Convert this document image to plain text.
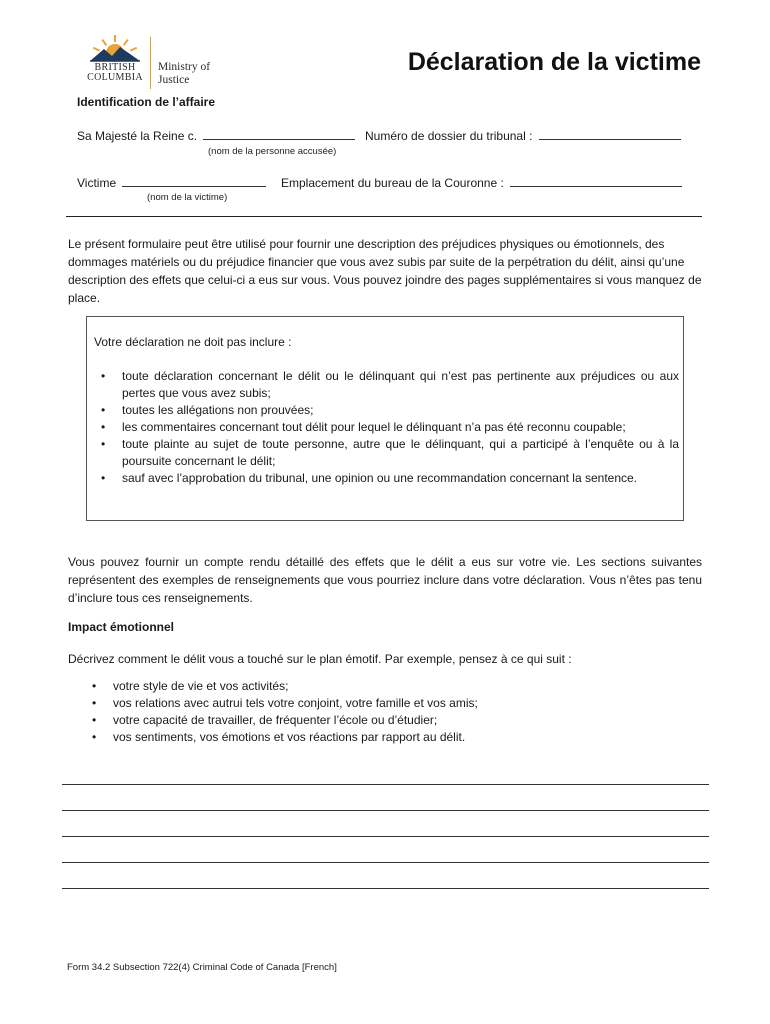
BRITISH
COLUMBIA
Ministry of
Justice
Déclaration de la victime
Identification de l’affaire
Sa Majesté la Reine c.
(nom de la personne accusée)
Numéro de dossier du tribunal :
Victime
(nom de la victime)
Emplacement du bureau de la Couronne :
Le présent formulaire peut être utilisé pour fournir une description des préjudices physiques ou émotionnels, des dommages matériels ou du préjudice financier que vous avez subis par suite de la perpétration du délit, ainsi qu’une description des effets que celui-ci a eus sur vous. Vous pouvez joindre des pages supplémentaires si vous manquez de place.
Votre déclaration ne doit pas inclure :
• toute déclaration concernant le délit ou le délinquant qui n’est pas pertinente aux préjudices ou aux pertes que vous avez subis;
• toutes les allégations non prouvées;
• les commentaires concernant tout délit pour lequel le délinquant n’a pas été reconnu coupable;
• toute plainte au sujet de toute personne, autre que le délinquant, qui a participé à l’enquête ou à la poursuite concernant le délit;
• sauf avec l’approbation du tribunal, une opinion ou une recommandation concernant la sentence.
Vous pouvez fournir un compte rendu détaillé des effets que le délit a eus sur votre vie. Les sections suivantes représentent des exemples de renseignements que vous pourriez inclure dans votre déclaration. Vous n’êtes pas tenu d’inclure tous ces renseignements.
Impact émotionnel
Décrivez comment le délit vous a touché sur le plan émotif. Par exemple, pensez à ce qui suit :
• votre style de vie et vos activités;
• vos relations avec autrui tels votre conjoint, votre famille et vos amis;
• votre capacité de travailler, de fréquenter l’école ou d’étudier;
• vos sentiments, vos émotions et vos réactions par rapport au délit.
Form 34.2 Subsection 722(4) Criminal Code of Canada [French]
